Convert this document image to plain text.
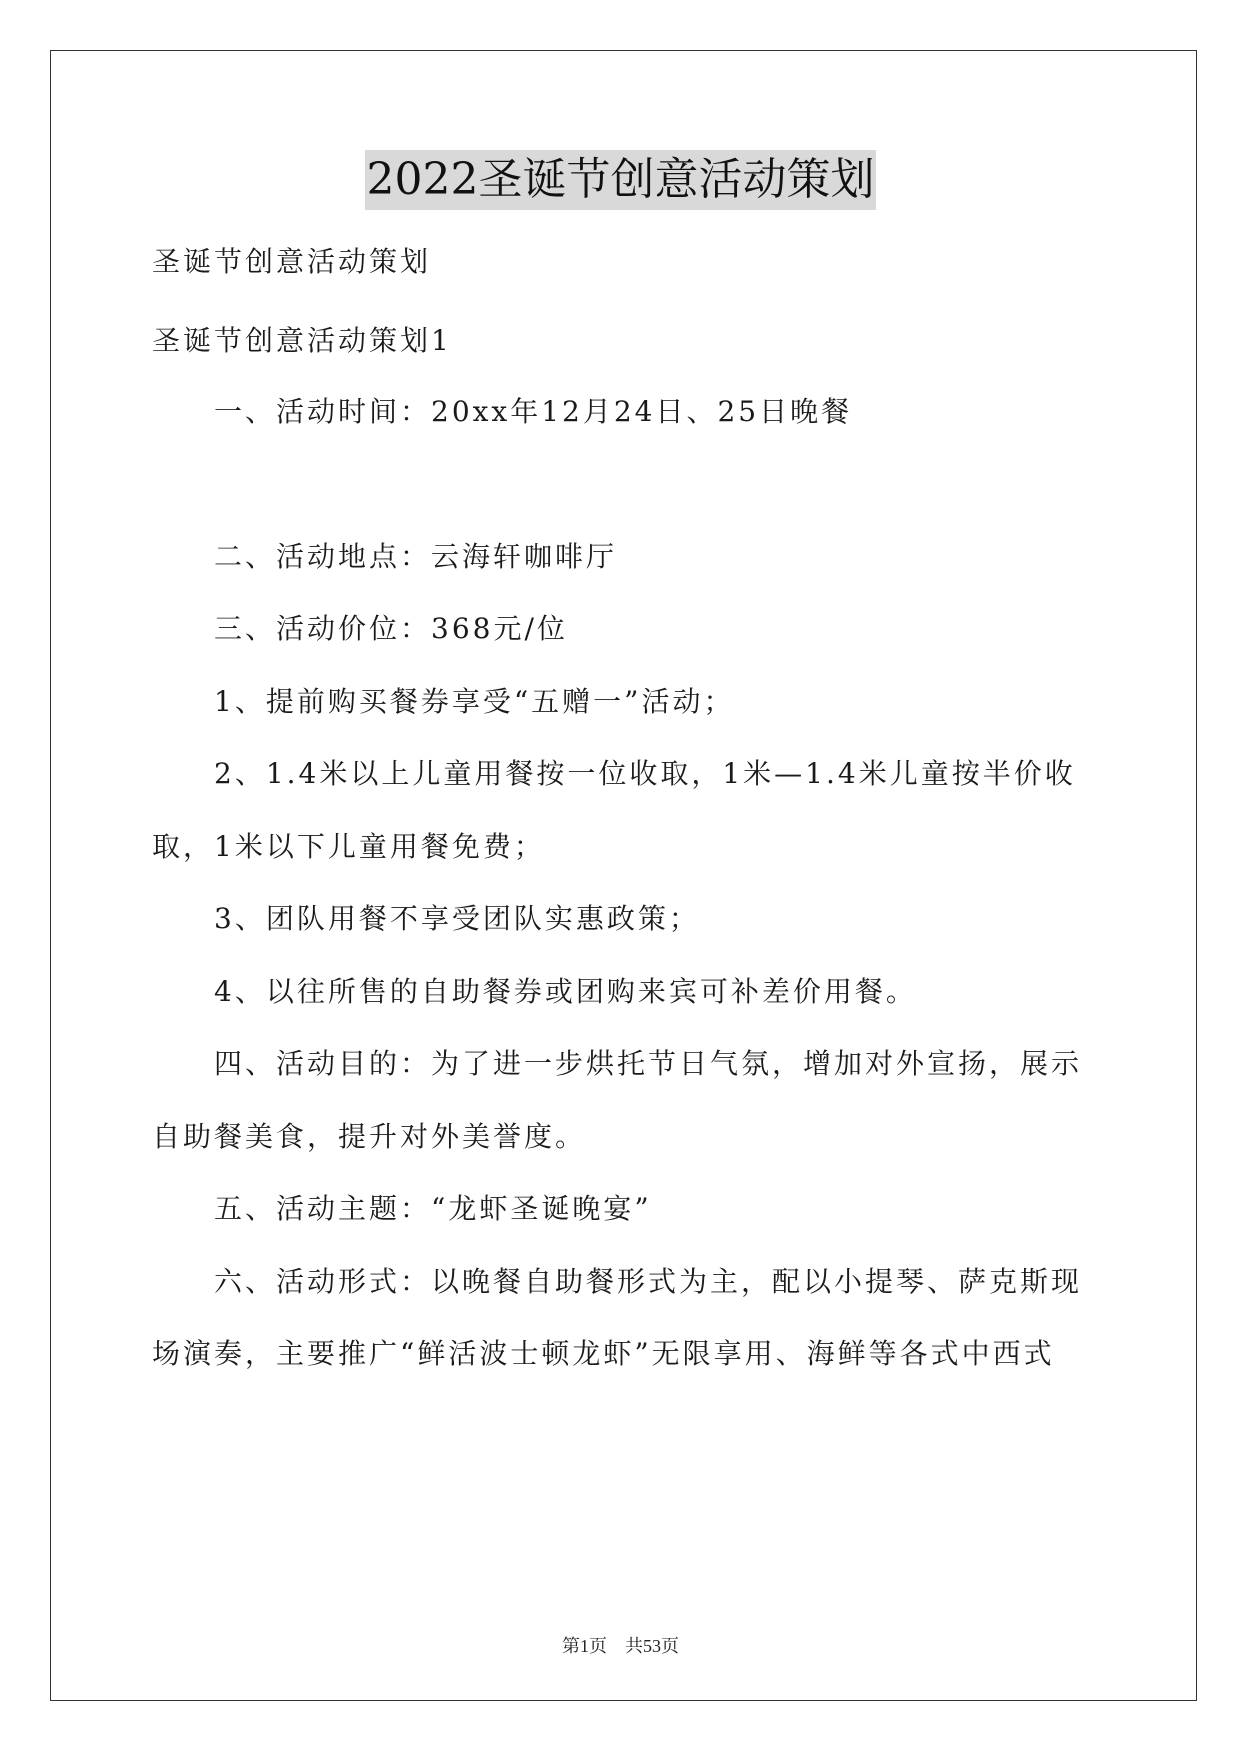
2022圣诞节创意活动策划
圣诞节创意活动策划
圣诞节创意活动策划1
一、活动时间：20xx年12月24日、25日晚餐
二、活动地点：云海轩咖啡厅
三、活动价位：368元/位
1、提前购买餐券享受“五赠一”活动；
2、1.4米以上儿童用餐按一位收取，1米—1.4米儿童按半价收
取，1米以下儿童用餐免费；
3、团队用餐不享受团队实惠政策；
4、以往所售的自助餐券或团购来宾可补差价用餐。
四、活动目的：为了进一步烘托节日气氛，增加对外宣扬，展示
自助餐美食，提升对外美誉度。
五、活动主题：“龙虾圣诞晚宴”
六、活动形式：以晚餐自助餐形式为主，配以小提琴、萨克斯现
场演奏，主要推广“鲜活波士顿龙虾”无限享用、海鲜等各式中西式
第1页 共53页
